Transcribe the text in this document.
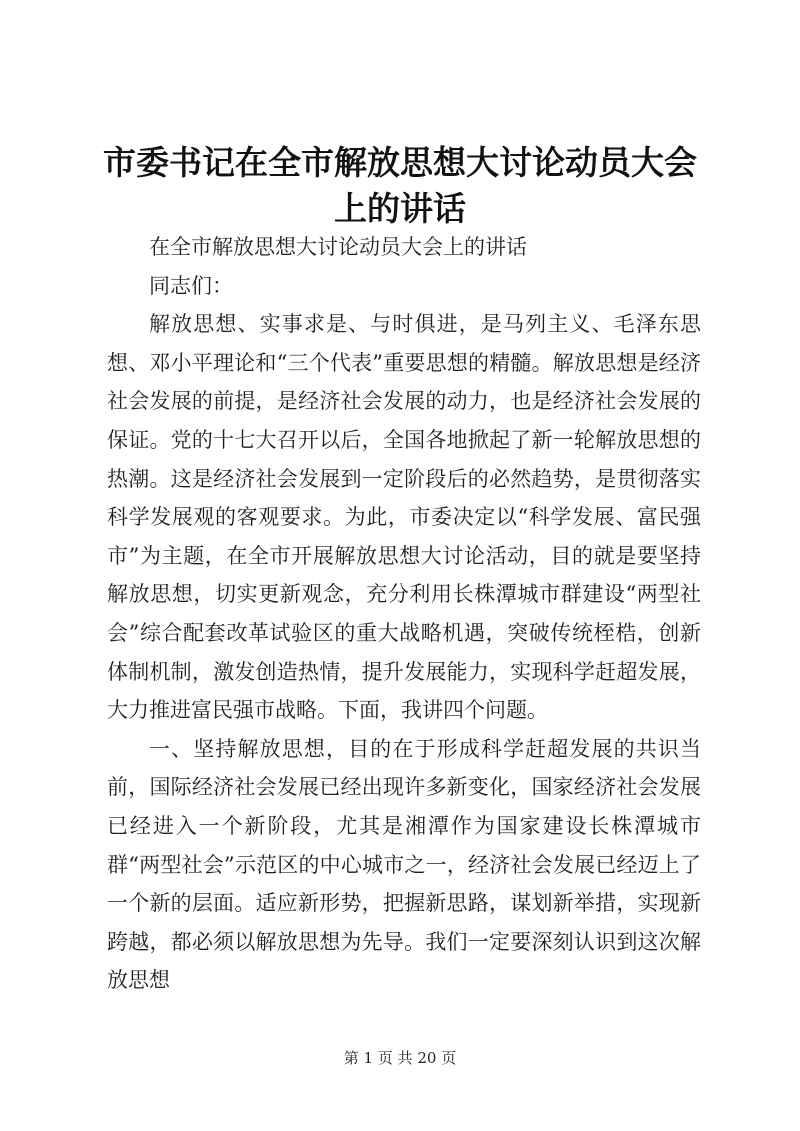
市委书记在全市解放思想大讨论动员大会上的讲话

在全市解放思想大讨论动员大会上的讲话

同志们：

解放思想、实事求是、与时俱进，是马列主义、毛泽东思想、邓小平理论和“三个代表”重要思想的精髓。解放思想是经济社会发展的前提，是经济社会发展的动力，也是经济社会发展的保证。党的十七大召开以后，全国各地掀起了新一轮解放思想的热潮。这是经济社会发展到一定阶段后的必然趋势，是贯彻落实科学发展观的客观要求。为此，市委决定以“科学发展、富民强市”为主题，在全市开展解放思想大讨论活动，目的就是要坚持解放思想，切实更新观念，充分利用长株潭城市群建设“两型社会”综合配套改革试验区的重大战略机遇，突破传统桎梏，创新体制机制，激发创造热情，提升发展能力，实现科学赶超发展，大力推进富民强市战略。下面，我讲四个问题。

一、坚持解放思想，目的在于形成科学赶超发展的共识当前，国际经济社会发展已经出现许多新变化，国家经济社会发展已经进入一个新阶段，尤其是湘潭作为国家建设长株潭城市群“两型社会”示范区的中心城市之一，经济社会发展已经迈上了一个新的层面。适应新形势，把握新思路，谋划新举措，实现新跨越，都必须以解放思想为先导。我们一定要深刻认识到这次解放思想

第 1 页 共 20 页
